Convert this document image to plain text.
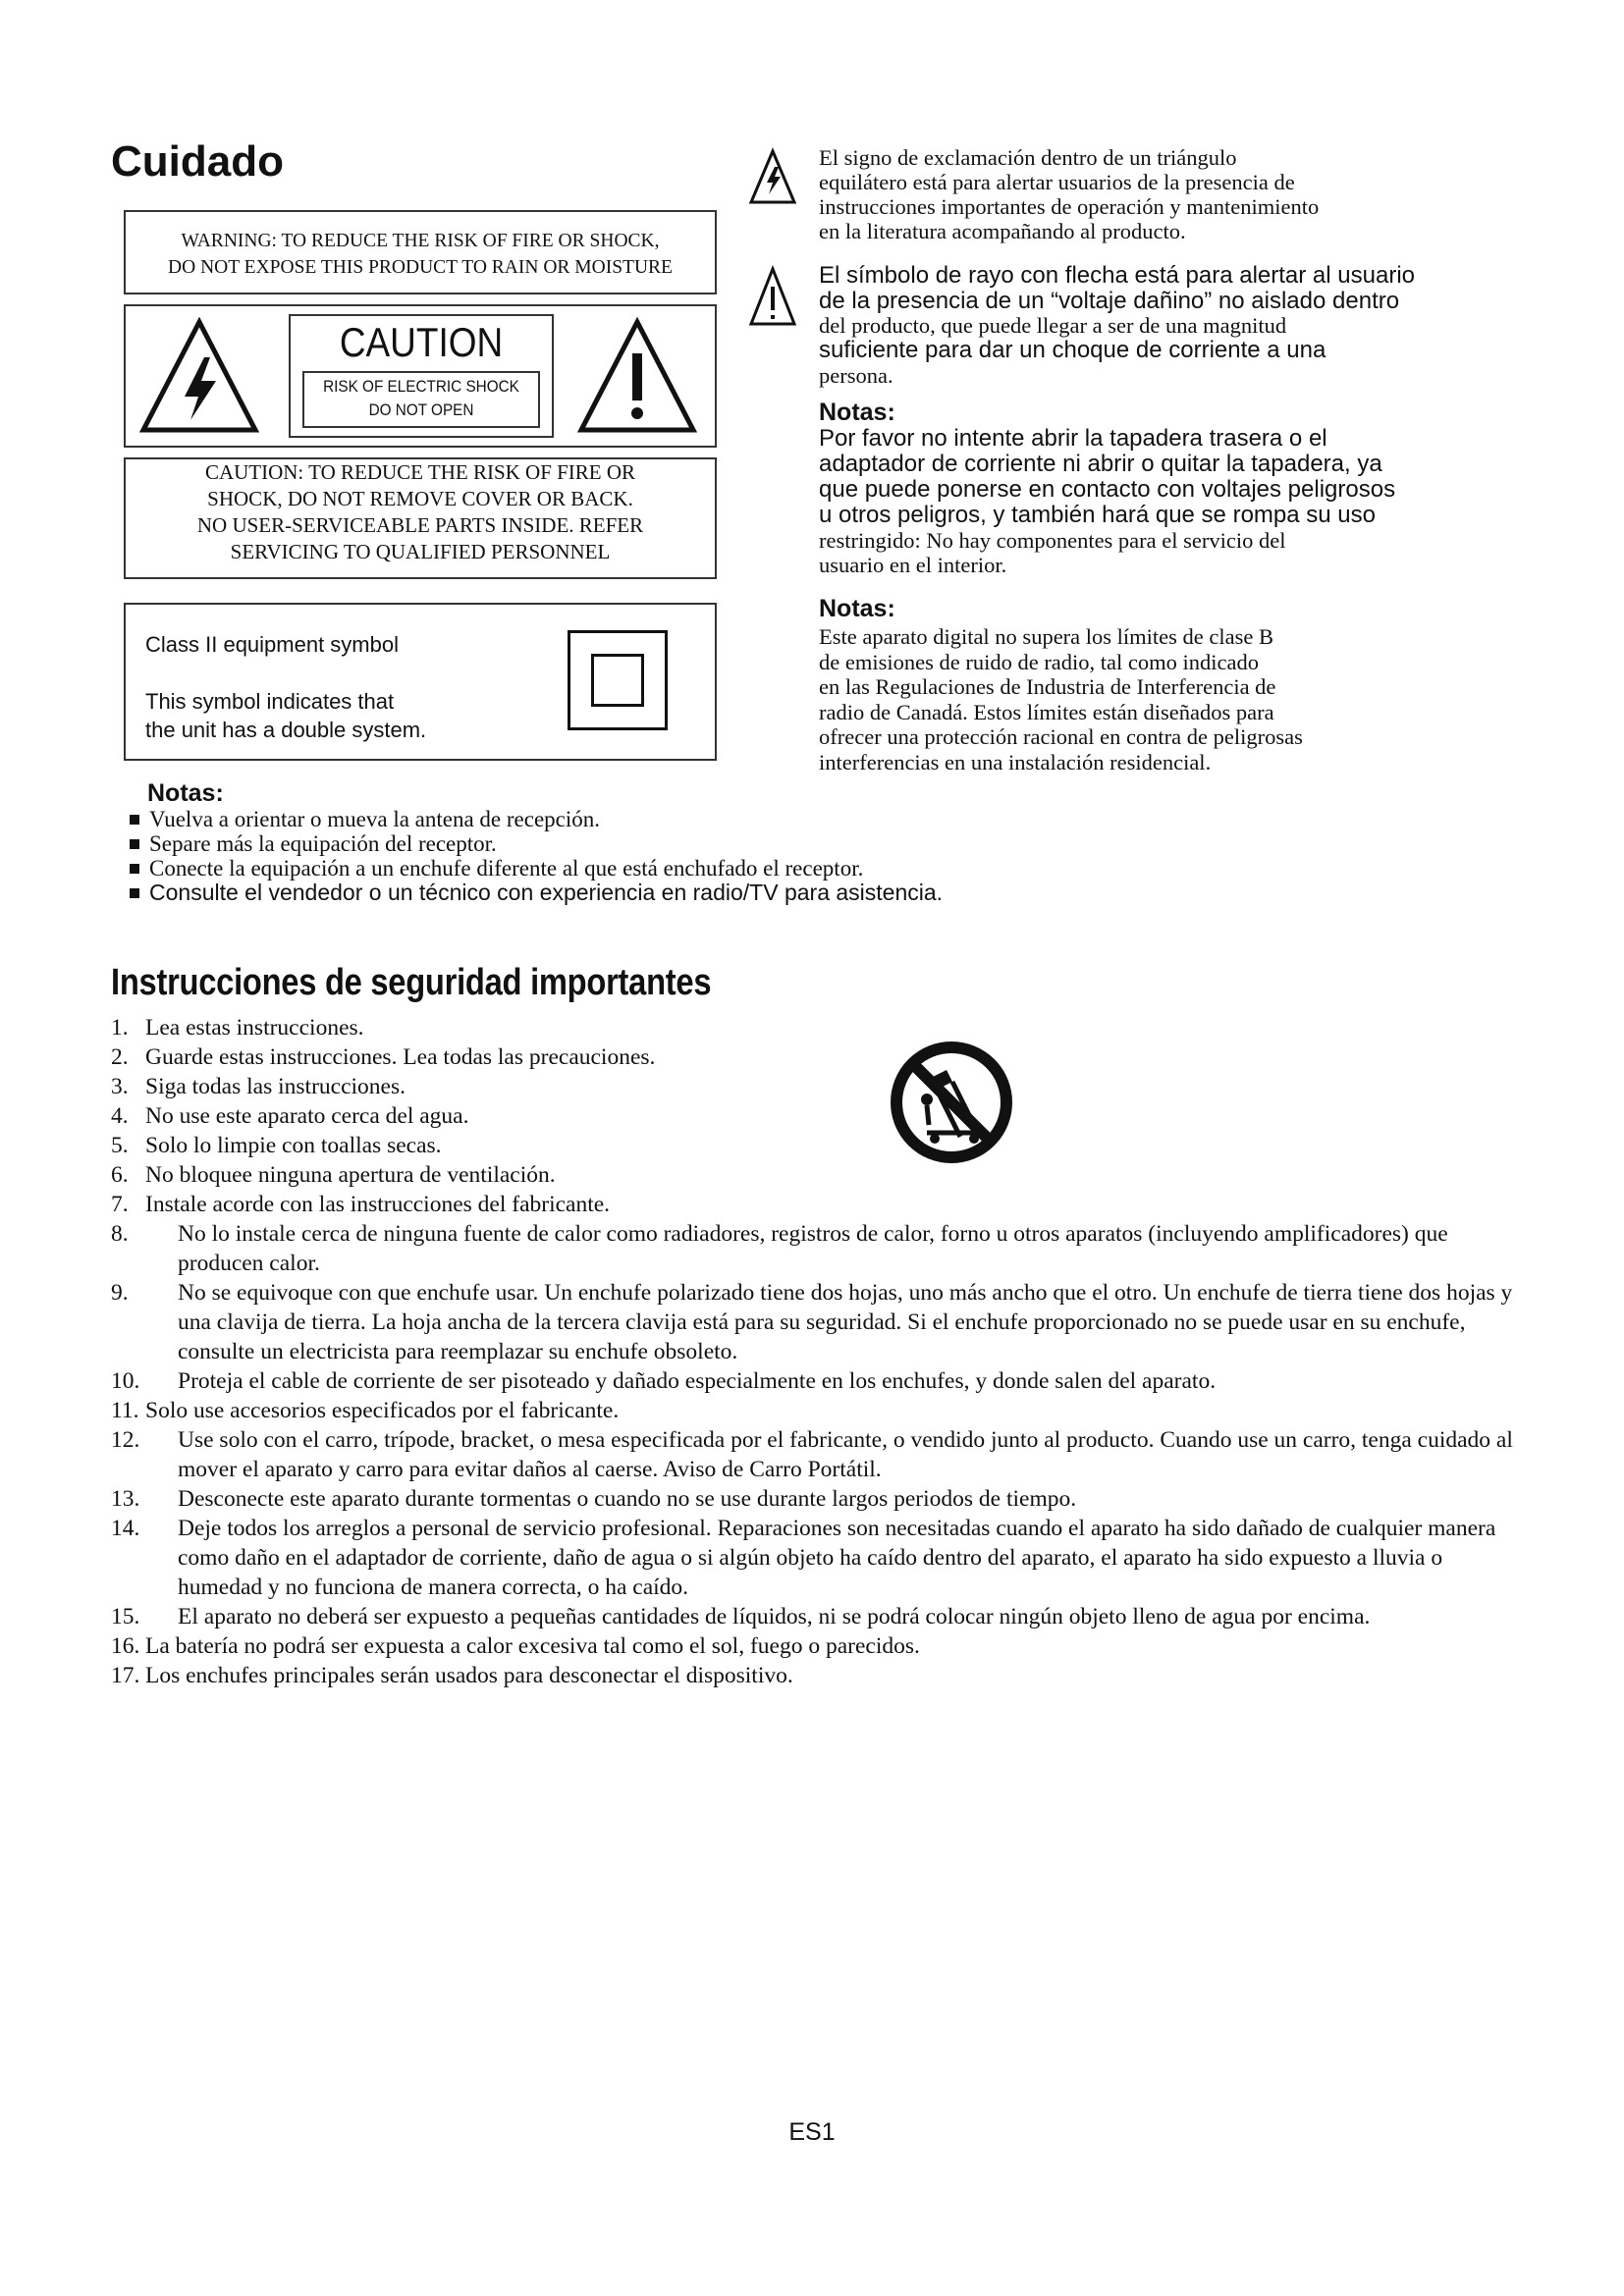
Cuidado
WARNING: TO REDUCE THE RISK OF FIRE OR SHOCK,
DO NOT EXPOSE THIS PRODUCT TO RAIN OR MOISTURE
CAUTION
RISK OF ELECTRIC SHOCK
DO NOT OPEN
CAUTION: TO REDUCE THE RISK OF FIRE OR
SHOCK, DO NOT REMOVE COVER OR BACK.
NO USER-SERVICEABLE PARTS INSIDE. REFER
SERVICING TO QUALIFIED PERSONNEL
Class II equipment symbol
This symbol indicates that
the unit has a double system.
El signo de exclamación dentro de un triángulo
equilátero está para alertar usuarios de la presencia de
instrucciones importantes de operación y mantenimiento
en la literatura acompañando al producto.
El símbolo de rayo con flecha está para alertar al usuario
de la presencia de un “voltaje dañino” no aislado dentro
del producto, que puede llegar a ser de una magnitud
suficiente para dar un choque de corriente a una
persona.
Notas:
Por favor no intente abrir la tapadera trasera o el
adaptador de corriente ni abrir o quitar la tapadera, ya
que puede ponerse en contacto con voltajes peligrosos
u otros peligros, y también hará que se rompa su uso
restringido: No hay componentes para el servicio del
usuario en el interior.
Notas:
Este aparato digital no supera los límites de clase B
de emisiones de ruido de radio, tal como indicado
en las Regulaciones de Industria de Interferencia de
radio de Canadá. Estos límites están diseñados para
ofrecer una protección racional en contra de peligrosas
interferencias en una instalación residencial.
Notas:
Vuelva a orientar o mueva la antena de recepción.
Separe más la equipación del receptor.
Conecte la equipación a un enchufe diferente al que está enchufado el receptor.
Consulte el vendedor o un técnico con experiencia en radio/TV para asistencia.
Instrucciones de seguridad importantes
1. Lea estas instrucciones.
2. Guarde estas instrucciones. Lea todas las precauciones.
3. Siga todas las instrucciones.
4. No use este aparato cerca del agua.
5. Solo lo limpie con toallas secas.
6. No bloquee ninguna apertura de ventilación.
7. Instale acorde con las instrucciones del fabricante.
8. No lo instale cerca de ninguna fuente de calor como radiadores, registros de calor, forno u otros aparatos (incluyendo amplificadores) que producen calor.
9. No se equivoque con que enchufe usar. Un enchufe polarizado tiene dos hojas, uno más ancho que el otro. Un enchufe de tierra tiene dos hojas y una clavija de tierra. La hoja ancha de la tercera clavija está para su seguridad. Si el enchufe proporcionado no se puede usar en su enchufe, consulte un electricista para reemplazar su enchufe obsoleto.
10. Proteja el cable de corriente de ser pisoteado y dañado especialmente en los enchufes, y donde salen del aparato.
11. Solo use accesorios especificados por el fabricante.
12. Use solo con el carro, trípode, bracket, o mesa especificada por el fabricante, o vendido junto al producto. Cuando use un carro, tenga cuidado al mover el aparato y carro para evitar daños al caerse. Aviso de Carro Portátil.
13. Desconecte este aparato durante tormentas o cuando no se use durante largos periodos de tiempo.
14. Deje todos los arreglos a personal de servicio profesional. Reparaciones son necesitadas cuando el aparato ha sido dañado de cualquier manera como daño en el adaptador de corriente, daño de agua o si algún objeto ha caído dentro del aparato, el aparato ha sido expuesto a lluvia o humedad y no funciona de manera correcta, o ha caído.
15. El aparato no deberá ser expuesto a pequeñas cantidades de líquidos, ni se podrá colocar ningún objeto lleno de agua por encima.
16. La batería no podrá ser expuesta a calor excesiva tal como el sol, fuego o parecidos.
17. Los enchufes principales serán usados para desconectar el dispositivo.
ES1
